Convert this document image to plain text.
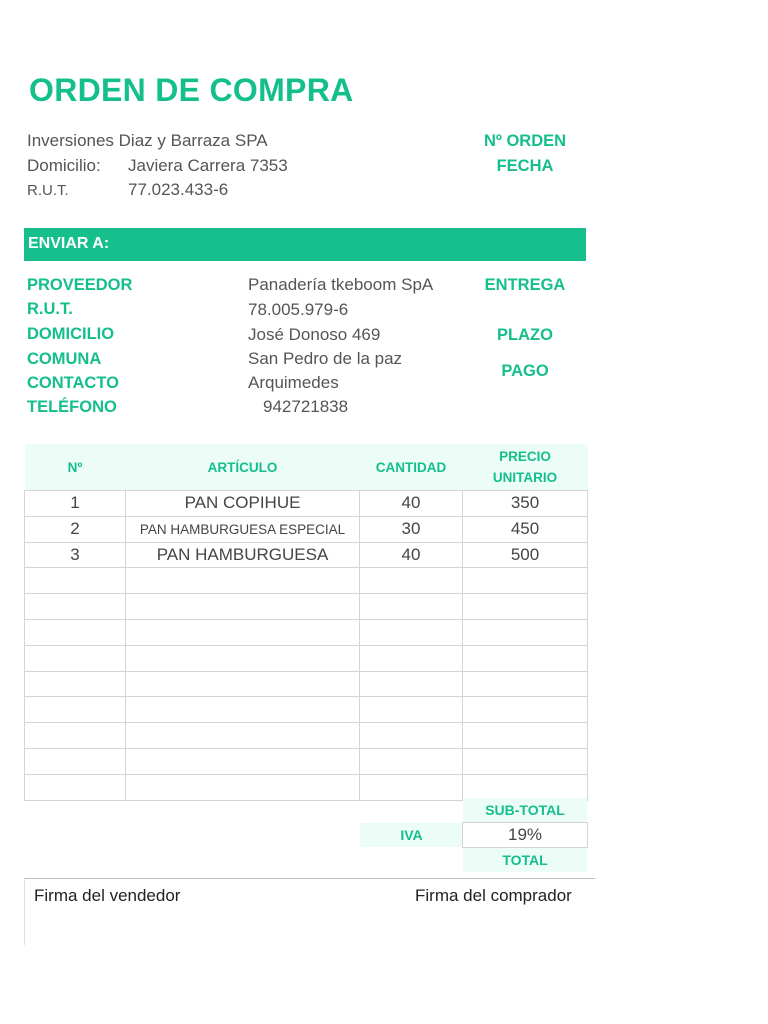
ORDEN DE COMPRA
Inversiones Diaz y Barraza SPA
Domicilio: Javiera Carrera 7353
R.U.T.	77.023.433-6
Nº ORDEN
FECHA
ENVIAR A:
PROVEEDOR	Panadería tkeboom SpA
R.U.T.	78.005.979-6
DOMICILIO	José Donoso 469
COMUNA	San Pedro de la paz
CONTACTO	Arquimedes
TELÉFONO	942721838
ENTREGA
PLAZO
PAGO
Nº	ARTÍCULO	CANTIDAD	PRECIO
UNITARIO

1	PAN COPIHUE	40	350
2	PAN HAMBURGUESA ESPECIAL	30	450
3	PAN HAMBURGUESA	40	500

SUB-TOTAL
IVA	19%
TOTAL
Firma del vendedor	Firma del comprador
